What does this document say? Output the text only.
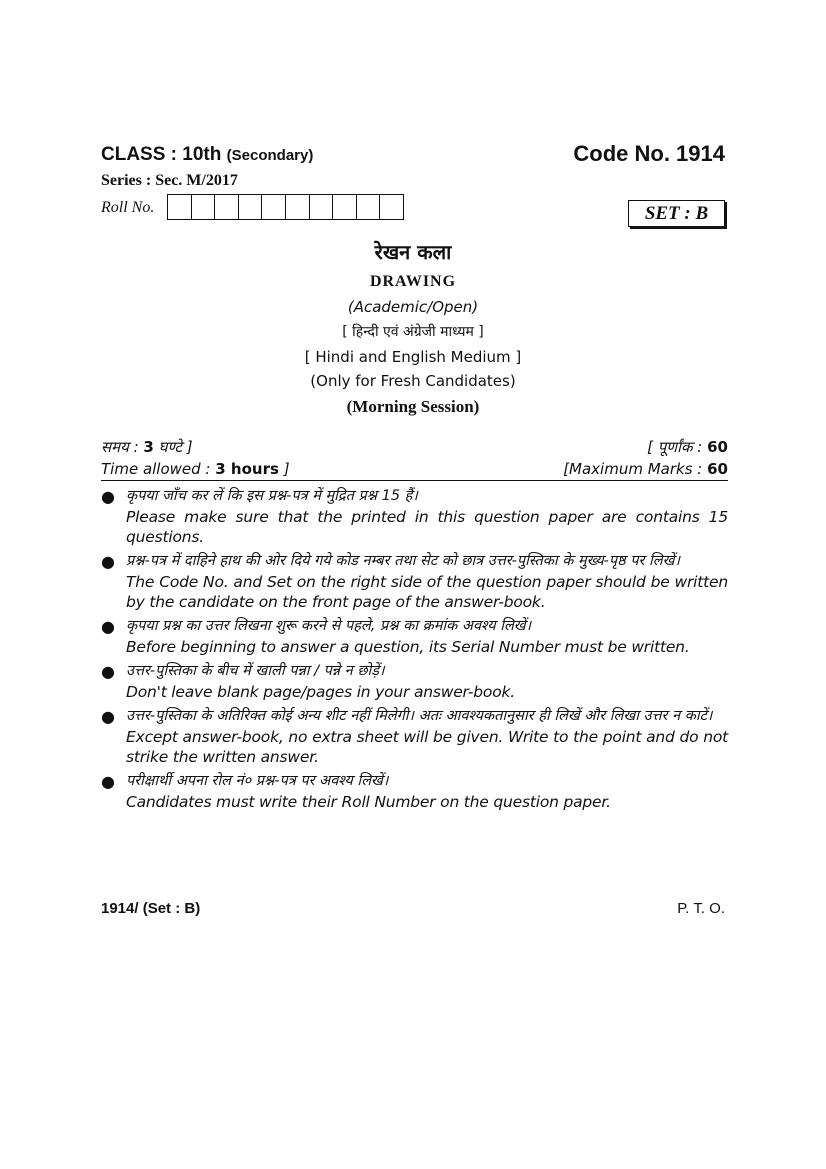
CLASS : 10th (Secondary)	Code No. 1914
Series : Sec. M/2017
Roll No.	SET : B
रेखन कला
DRAWING
(Academic/Open)
[ हिन्दी एवं अंग्रेजी माध्यम ]
[ Hindi and English Medium ]
(Only for Fresh Candidates)
(Morning Session)
समय : 3 घण्टे ]	[ पूर्णांक : 60
Time allowed : 3 hours ]	[Maximum Marks : 60
● कृपया जाँच कर लें कि इस प्रश्न-पत्र में मुद्रित प्रश्न 15 हैं।
Please make sure that the printed in this question paper are contains 15 questions.
● प्रश्न-पत्र में दाहिने हाथ की ओर दिये गये कोड नम्बर तथा सेट को छात्र उत्तर-पुस्तिका के मुख्य-पृष्ठ पर लिखें।
The Code No. and Set on the right side of the question paper should be written by the candidate on the front page of the answer-book.
● कृपया प्रश्न का उत्तर लिखना शुरू करने से पहले, प्रश्न का क्रमांक अवश्य लिखें।
Before beginning to answer a question, its Serial Number must be written.
● उत्तर-पुस्तिका के बीच में खाली पन्ना / पन्ने न छोड़ें।
Don't leave blank page/pages in your answer-book.
● उत्तर-पुस्तिका के अतिरिक्त कोई अन्य शीट नहीं मिलेगी। अतः आवश्यकतानुसार ही लिखें और लिखा उत्तर न काटें।
Except answer-book, no extra sheet will be given. Write to the point and do not strike the written answer.
● परीक्षार्थी अपना रोल नं० प्रश्न-पत्र पर अवश्य लिखें।
Candidates must write their Roll Number on the question paper.
1914/ (Set : B)	P. T. O.
